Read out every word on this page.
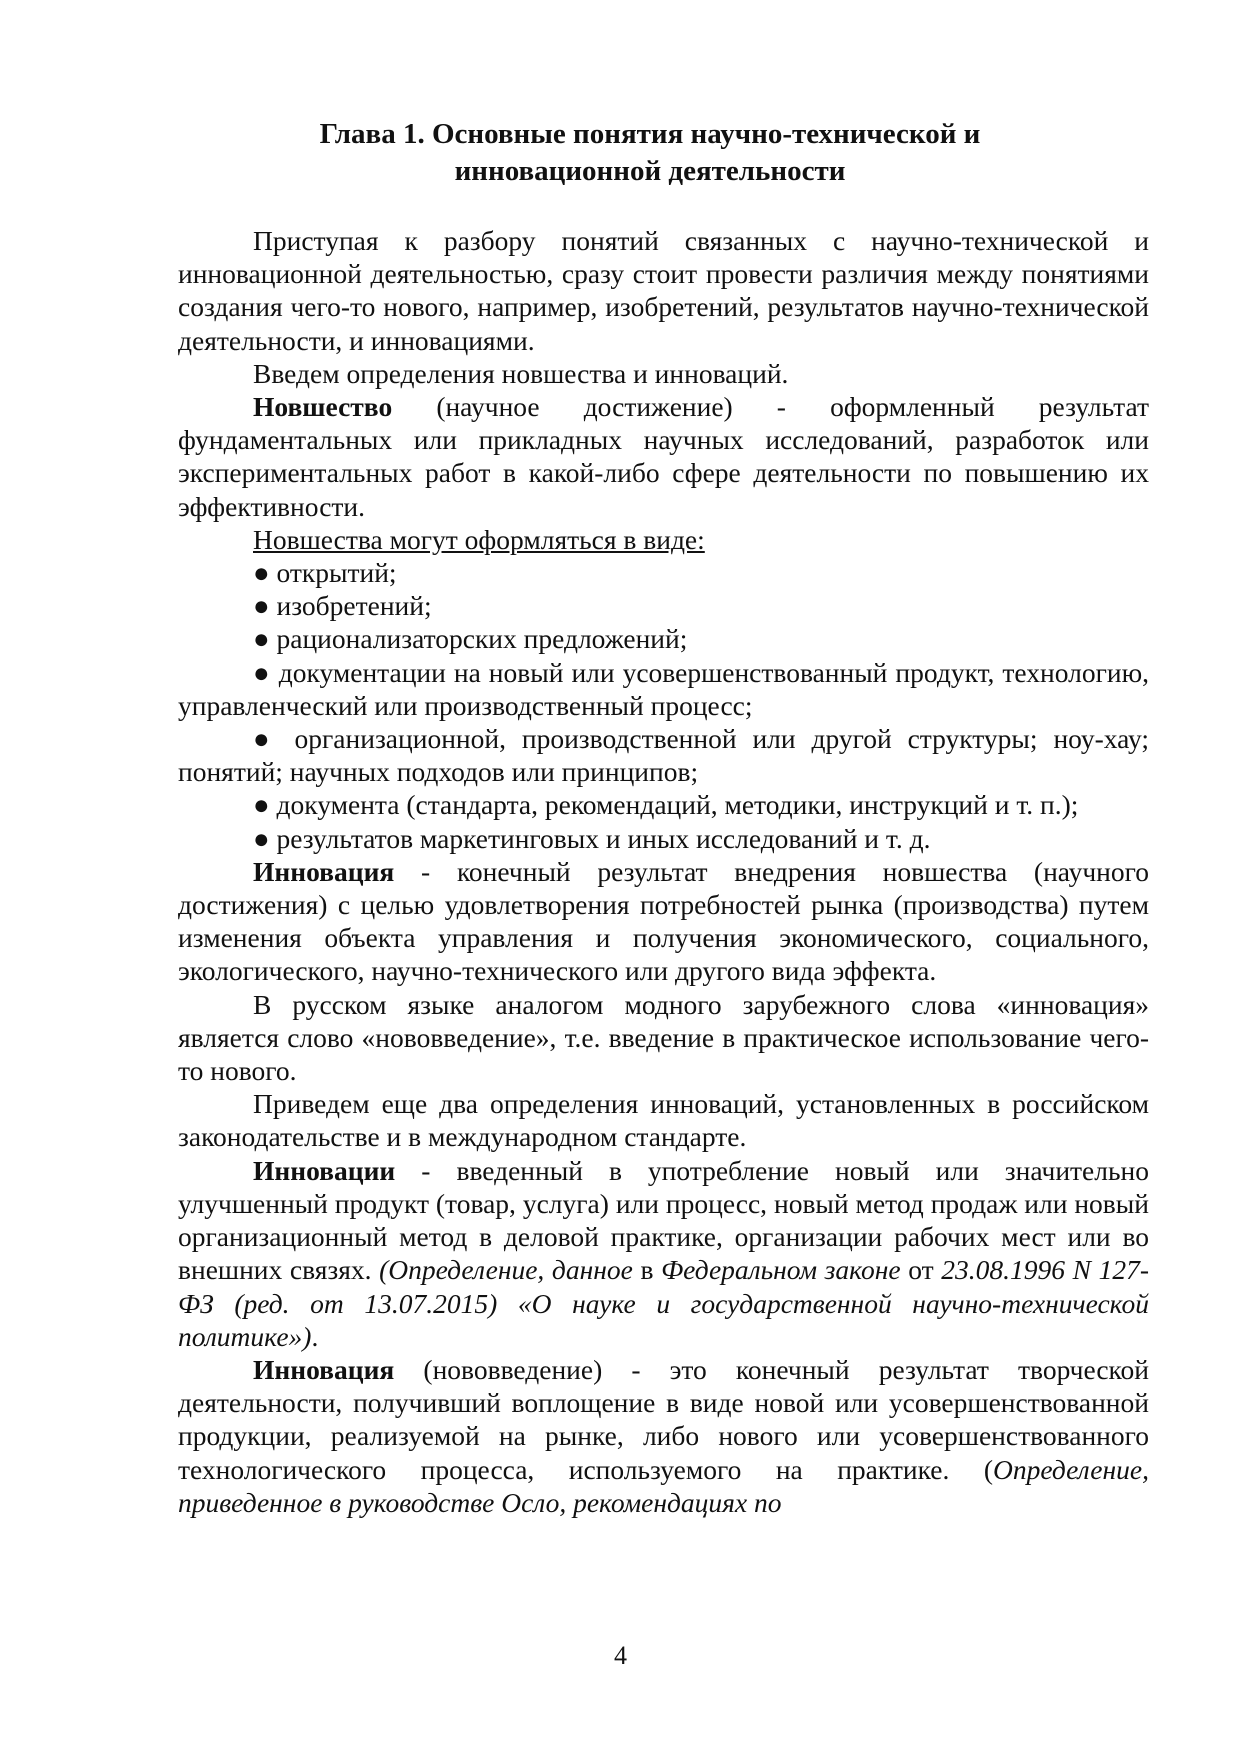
Глава 1. Основные понятия научно-технической и
инновационной деятельности

Приступая к разбору понятий связанных с научно-технической и инновационной деятельностью, сразу стоит провести различия между понятиями создания чего-то нового, например, изобретений, результатов научно-технической деятельности, и инновациями.

Введем определения новшества и инноваций.

Новшество (научное достижение) - оформленный результат фундаментальных или прикладных научных исследований, разработок или экспериментальных работ в какой-либо сфере деятельности по повышению их эффективности.

Новшества могут оформляться в виде:

● открытий;

● изобретений;

● рационализаторских предложений;

● документации на новый или усовершенствованный продукт, технологию, управленческий или производственный процесс;

● организационной, производственной или другой структуры; ноу-хау; понятий; научных подходов или принципов;

● документа (стандарта, рекомендаций, методики, инструкций и т. п.);

● результатов маркетинговых и иных исследований и т. д.

Инновация - конечный результат внедрения новшества (научного достижения) с целью удовлетворения потребностей рынка (производства) путем изменения объекта управления и получения экономического, социального, экологического, научно-технического или другого вида эффекта.

В русском языке аналогом модного зарубежного слова «инновация» является слово «нововведение», т.е. введение в практическое использование чего-то нового.

Приведем еще два определения инноваций, установленных в российском законодательстве и в международном стандарте.

Инновации - введенный в употребление новый или значительно улучшенный продукт (товар, услуга) или процесс, новый метод продаж или новый организационный метод в деловой практике, организации рабочих мест или во внешних связях. (Определение, данное в Федеральном законе от 23.08.1996 N 127-ФЗ (ред. от 13.07.2015) «О науке и государственной научно-технической политике»).

Инновация (нововведение) - это конечный результат творческой деятельности, получивший воплощение в виде новой или усовершенствованной продукции, реализуемой на рынке, либо нового или усовершенствованного технологического процесса, используемого на практике. (Определение, приведенное в руководстве Осло, рекомендациях по

4
